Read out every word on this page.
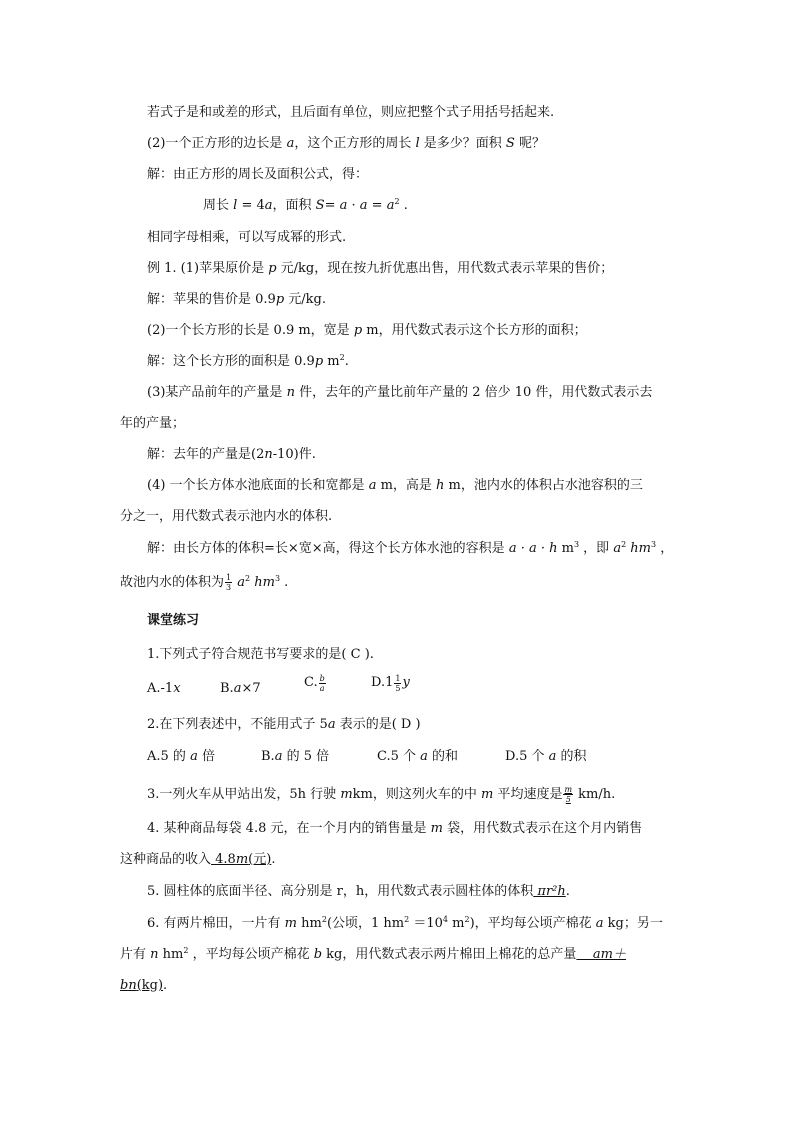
若式子是和或差的形式，且后面有单位，则应把整个式子用括号括起来.
(2)一个正方形的边长是 a，这个正方形的周长 l 是多少？面积 S 呢？
解：由正方形的周长及面积公式，得：
周长 l = 4a，面积 $S= a \cdot a = a^2$ .
相同字母相乘，可以写成幂的形式.
例 1. (1)苹果原价是 p 元/kg，现在按九折优惠出售，用代数式表示苹果的售价；
解：苹果的售价是 0.9p 元/kg.
(2)一个长方形的长是 0.9 m，宽是 p m，用代数式表示这个长方形的面积；
解：这个长方形的面积是 0.9p $m^2$.
(3)某产品前年的产量是 n 件，去年的产量比前年产量的 2 倍少 10 件，用代数式表示去
年的产量；
解：去年的产量是(2n-10)件.
(4) 一个长方体水池底面的长和宽都是 a m，高是 h m，池内水的体积占水池容积的三
分之一，用代数式表示池内水的体积.
解：由长方体的体积=长×宽×高，得这个长方体水池的容积是 a · a · h $m^3$ ，即 $a^2$ $hm^3$ ，
故池内水的体积为 $\frac{1}{3} a^2$ $hm^3$ .
课堂练习
1.下列式子符合规范书写要求的是( C ).
A.-1x	B.a×7	C. $\frac{b}{a}$	$D.1 \frac{1}{5}$ y
2.在下列表述中，不能用式子 5a 表示的是( D )
A.5 的 a 倍	B.a 的 5 倍	C.5 个 a 的和	D.5 个 a 的积
3.一列火车从甲站出发，5h 行驶 mkm，则这列火车的中 m 平均速度是 $\frac{m}{5} km/h$.
4. 某种商品每袋 4.8 元，在一个月内的销售量是 m 袋，用代数式表示在这个月内销售
这种商品的收入 4.8m(元).
5. 圆柱体的底面半径、高分别是 r，h，用代数式表示圆柱体的体积 πr²h.
6. 有两片棉田，一片有 m $hm^2$(公顷，1 $hm^2 =10^4$ $m^2$)，平均每公顷产棉花 a kg；另一
片有 n $hm^2$ ，平均每公顷产棉花 b kg，用代数式表示两片棉田上棉花的总产量    am＋
bn(kg).
